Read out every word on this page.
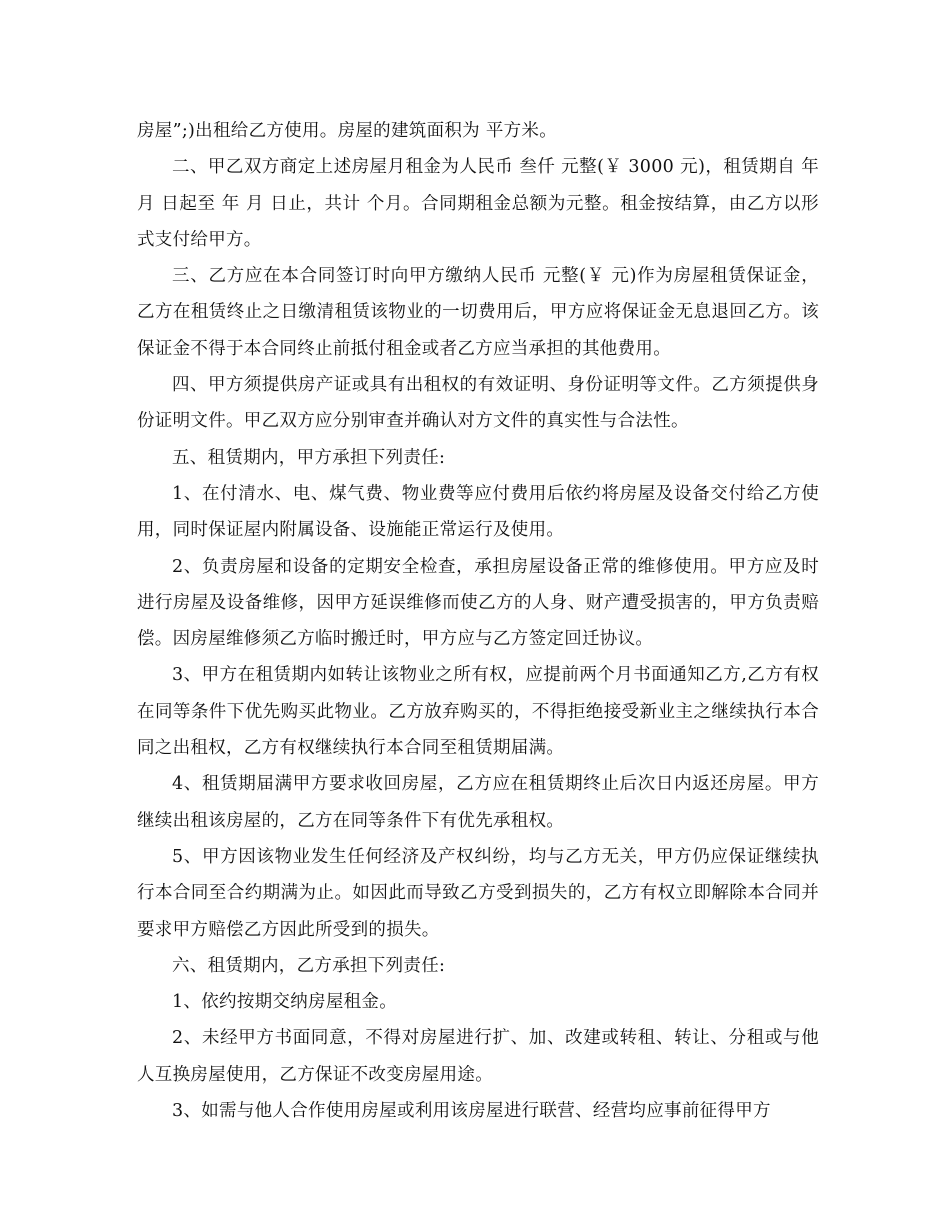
房屋”;)出租给乙方使用。房屋的建筑面积为 平方米。

二、甲乙双方商定上述房屋月租金为人民币 叁仟 元整(￥ 3000 元)，租赁期自 年 月 日起至 年 月 日止，共计 个月。合同期租金总额为元整。租金按结算，由乙方以形式支付给甲方。

三、乙方应在本合同签订时向甲方缴纳人民币 元整(￥ 元)作为房屋租赁保证金，乙方在租赁终止之日缴清租赁该物业的一切费用后，甲方应将保证金无息退回乙方。该保证金不得于本合同终止前抵付租金或者乙方应当承担的其他费用。

四、甲方须提供房产证或具有出租权的有效证明、身份证明等文件。乙方须提供身份证明文件。甲乙双方应分别审查并确认对方文件的真实性与合法性。

五、租赁期内，甲方承担下列责任:

1、在付清水、电、煤气费、物业费等应付费用后依约将房屋及设备交付给乙方使用，同时保证屋内附属设备、设施能正常运行及使用。

2、负责房屋和设备的定期安全检查，承担房屋设备正常的维修使用。甲方应及时进行房屋及设备维修，因甲方延误维修而使乙方的人身、财产遭受损害的，甲方负责赔偿。因房屋维修须乙方临时搬迁时，甲方应与乙方签定回迁协议。

3、甲方在租赁期内如转让该物业之所有权，应提前两个月书面通知乙方,乙方有权在同等条件下优先购买此物业。乙方放弃购买的，不得拒绝接受新业主之继续执行本合同之出租权，乙方有权继续执行本合同至租赁期届满。

4、租赁期届满甲方要求收回房屋，乙方应在租赁期终止后次日内返还房屋。甲方继续出租该房屋的，乙方在同等条件下有优先承租权。

5、甲方因该物业发生任何经济及产权纠纷，均与乙方无关，甲方仍应保证继续执行本合同至合约期满为止。如因此而导致乙方受到损失的，乙方有权立即解除本合同并要求甲方赔偿乙方因此所受到的损失。

六、租赁期内，乙方承担下列责任:

1、依约按期交纳房屋租金。

2、未经甲方书面同意，不得对房屋进行扩、加、改建或转租、转让、分租或与他人互换房屋使用，乙方保证不改变房屋用途。

3、如需与他人合作使用房屋或利用该房屋进行联营、经营均应事前征得甲方
